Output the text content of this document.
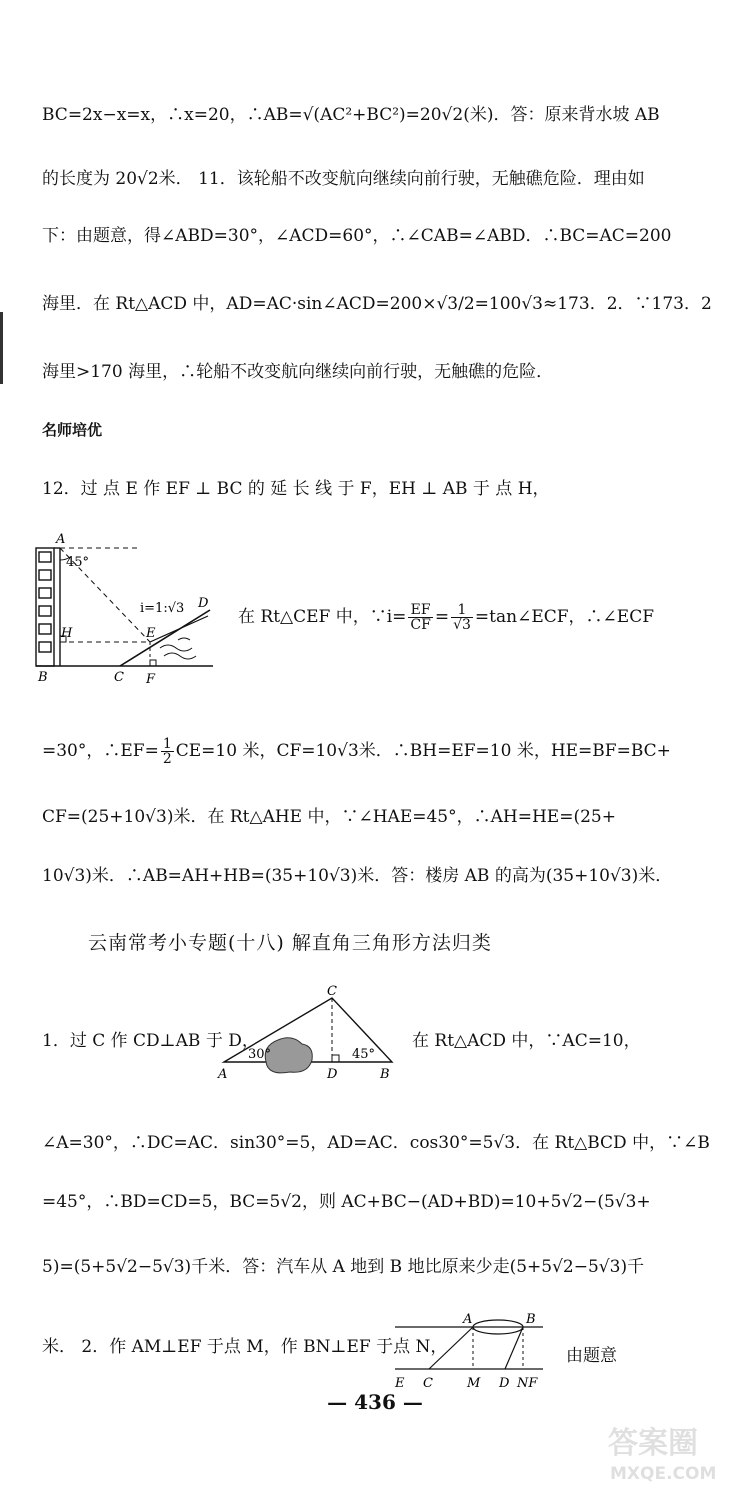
BC=2x−x=x，∴x=20，∴AB=√(AC²+BC²)=20√2(米)．答：原来背水坡 AB
的长度为 20√2米． 11．该轮船不改变航向继续向前行驶，无触礁危险．理由如
下：由题意，得∠ABD=30°，∠ACD=60°，∴∠CAB=∠ABD．∴BC=AC=200
海里．在 Rt△ACD 中，AD=AC·sin∠ACD=200×√3/2=100√3≈173．2．∵173．2
海里>170 海里，∴轮船不改变航向继续向前行驶，无触礁的危险．
名师培优
12．过 点 E 作 EF ⊥ BC 的 延 长 线 于 F，EH ⊥ AB 于 点 H，
A
45°
i=1:√3 D
H	E
B	C F
在 Rt△CEF 中，∵i= $\frac{EF}{CF} = \frac{1}{√3}$ =tan∠ECF，∴∠ECF
=30°，∴EF= $\frac{1}{2} CE=10$ 米，CF=10√3米．∴BH=EF=10 米，HE=BF=BC+
CF=(25+10√3)米．在 Rt△AHE 中，∵∠HAE=45°，∴AH=HE=(25+
10√3)米．∴AB=AH+HB=(35+10√3)米．答：楼房 AB 的高为(35+10√3)米．
云南常考小专题(十八) 解直角三角形方法归类
1．过 C 作 CD⊥AB 于 D，
30°	45°
C
A	D	B
在 Rt△ACD 中，∵AC=10，
∠A=30°，∴DC=AC．sin30°=5，AD=AC．cos30°=5√3．在 Rt△BCD 中，∵∠B
=45°，∴BD=CD=5，BC=5√2，则 AC+BC−(AD+BD)=10+5√2−(5√3+
5)=(5+5√2−5√3)千米．答：汽车从 A 地到 B 地比原来少走(5+5√2−5√3)千
米． 2．作 AM⊥EF 于点 M，作 BN⊥EF 于点 N，
A	B
E C	M D NF
由题意
— 436 —
答案圈
MXQE.COM
